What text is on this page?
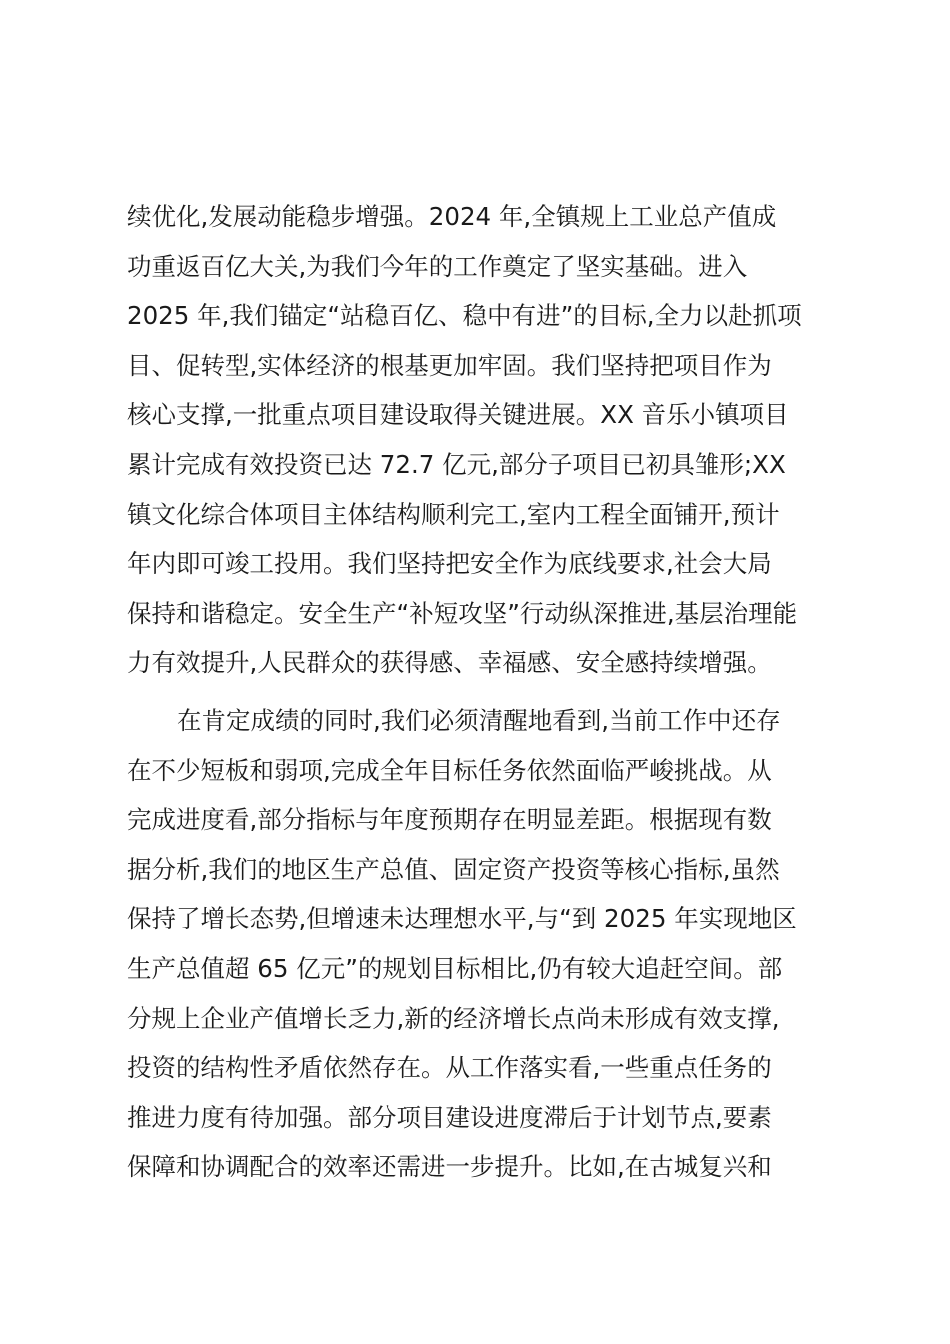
续优化,发展动能稳步增强。2024 年,全镇规上工业总产值成
功重返百亿大关,为我们今年的工作奠定了坚实基础。进入
2025 年,我们锚定“站稳百亿、稳中有进”的目标,全力以赴抓项
目、促转型,实体经济的根基更加牢固。我们坚持把项目作为
核心支撑,一批重点项目建设取得关键进展。XX 音乐小镇项目
累计完成有效投资已达 72.7 亿元,部分子项目已初具雏形;XX
镇文化综合体项目主体结构顺利完工,室内工程全面铺开,预计
年内即可竣工投用。我们坚持把安全作为底线要求,社会大局
保持和谐稳定。安全生产“补短攻坚”行动纵深推进,基层治理能
力有效提升,人民群众的获得感、幸福感、安全感持续增强。
在肯定成绩的同时,我们必须清醒地看到,当前工作中还存
在不少短板和弱项,完成全年目标任务依然面临严峻挑战。从
完成进度看,部分指标与年度预期存在明显差距。根据现有数
据分析,我们的地区生产总值、固定资产投资等核心指标,虽然
保持了增长态势,但增速未达理想水平,与“到 2025 年实现地区
生产总值超 65 亿元”的规划目标相比,仍有较大追赶空间。部
分规上企业产值增长乏力,新的经济增长点尚未形成有效支撑,
投资的结构性矛盾依然存在。从工作落实看,一些重点任务的
推进力度有待加强。部分项目建设进度滞后于计划节点,要素
保障和协调配合的效率还需进一步提升。比如,在古城复兴和
